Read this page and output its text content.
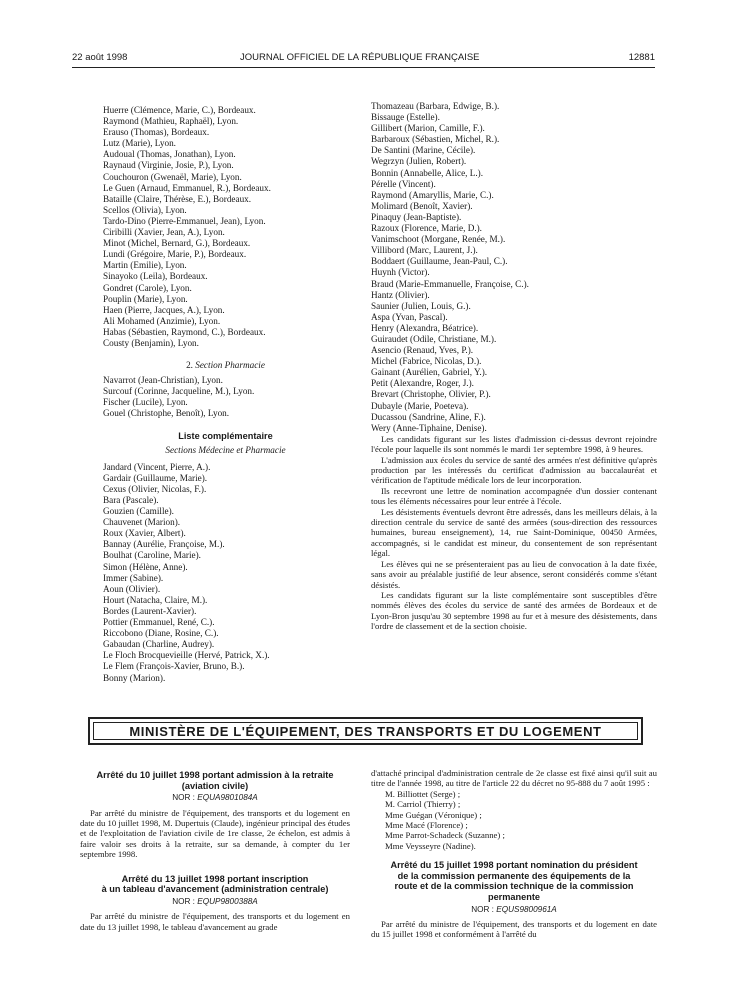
22 août 1998	JOURNAL OFFICIEL DE LA RÉPUBLIQUE FRANÇAISE	12881

Huerre (Clémence, Marie, C.), Bordeaux.

Raymond (Mathieu, Raphaël), Lyon.

Erauso (Thomas), Bordeaux.

Lutz (Marie), Lyon.

Audoual (Thomas, Jonathan), Lyon.

Raynaud (Virginie, Josie, P.), Lyon.

Couchouron (Gwenaël, Marie), Lyon.

Le Guen (Arnaud, Emmanuel, R.), Bordeaux.

Bataille (Claire, Thérèse, E.), Bordeaux.

Scellos (Olivia), Lyon.

Tardo-Dino (Pierre-Emmanuel, Jean), Lyon.

Ciribilli (Xavier, Jean, A.), Lyon.

Minot (Michel, Bernard, G.), Bordeaux.

Lundi (Grégoire, Marie, P.), Bordeaux.

Martin (Emilie), Lyon.

Sinayoko (Leila), Bordeaux.

Gondret (Carole), Lyon.

Pouplin (Marie), Lyon.

Haen (Pierre, Jacques, A.), Lyon.

Ali Mohamed (Anzimie), Lyon.

Habas (Sébastien, Raymond, C.), Bordeaux.

Cousty (Benjamin), Lyon.

2. Section Pharmacie

Navarrot (Jean-Christian), Lyon.

Surcouf (Corinne, Jacqueline, M.), Lyon.

Fischer (Lucile), Lyon.

Gouel (Christophe, Benoît), Lyon.

Liste complémentaire

Sections Médecine et Pharmacie

Jandard (Vincent, Pierre, A.).

Gardair (Guillaume, Marie).

Cexus (Olivier, Nicolas, F.).

Bara (Pascale).

Gouzien (Camille).

Chauvenet (Marion).

Roux (Xavier, Albert).

Bannay (Aurélie, Françoise, M.).

Boulhat (Caroline, Marie).

Simon (Hélène, Anne).

Immer (Sabine).

Aoun (Olivier).

Hourt (Natacha, Claire, M.).

Bordes (Laurent-Xavier).

Pottier (Emmanuel, René, C.).

Riccobono (Diane, Rosine, C.).

Gabaudan (Charline, Audrey).

Le Floch Brocquevieille (Hervé, Patrick, X.).

Le Flem (François-Xavier, Bruno, B.).

Bonny (Marion).

Thomazeau (Barbara, Edwige, B.).

Bissauge (Estelle).

Gillibert (Marion, Camille, F.).

Barbaroux (Sébastien, Michel, R.).

De Santini (Marine, Cécile).

Wegrzyn (Julien, Robert).

Bonnin (Annabelle, Alice, L.).

Pérelle (Vincent).

Raymond (Amaryllis, Marie, C.).

Molimard (Benoît, Xavier).

Pinaquy (Jean-Baptiste).

Razoux (Florence, Marie, D.).

Vanimschoot (Morgane, Renée, M.).

Villibord (Marc, Laurent, J.).

Boddaert (Guillaume, Jean-Paul, C.).

Huynh (Victor).

Braud (Marie-Emmanuelle, Françoise, C.).

Hantz (Olivier).

Saunier (Julien, Louis, G.).

Aspa (Yvan, Pascal).

Henry (Alexandra, Béatrice).

Guiraudet (Odile, Christiane, M.).

Asencio (Renaud, Yves, P.).

Michel (Fabrice, Nicolas, D.).

Gainant (Aurélien, Gabriel, Y.).

Petit (Alexandre, Roger, J.).

Brevart (Christophe, Olivier, P.).

Dubayle (Marie, Poeteva).

Ducassou (Sandrine, Aline, F.).

Wery (Anne-Tiphaine, Denise).

Les candidats figurant sur les listes d'admission ci-dessus devront rejoindre l'école pour laquelle ils sont nommés le mardi 1er septembre 1998, à 9 heures.

L'admission aux écoles du service de santé des armées n'est définitive qu'après production par les intéressés du certificat d'admission au baccalauréat et vérification de l'aptitude médicale lors de leur incorporation.

Ils recevront une lettre de nomination accompagnée d'un dossier contenant tous les éléments nécessaires pour leur entrée à l'école.

Les désistements éventuels devront être adressés, dans les meilleurs délais, à la direction centrale du service de santé des armées (sous-direction des ressources humaines, bureau enseignement), 14, rue Saint-Dominique, 00450 Armées, accompagnés, si le candidat est mineur, du consentement de son représentant légal.

Les élèves qui ne se présenteraient pas au lieu de convocation à la date fixée, sans avoir au préalable justifié de leur absence, seront considérés comme s'étant désistés.

Les candidats figurant sur la liste complémentaire sont susceptibles d'être nommés élèves des écoles du service de santé des armées de Bordeaux et de Lyon-Bron jusqu'au 30 septembre 1998 au fur et à mesure des désistements, dans l'ordre de classement et de la section choisie.

MINISTÈRE DE L'ÉQUIPEMENT, DES TRANSPORTS ET DU LOGEMENT

Arrêté du 10 juillet 1998 portant admission à la retraite

(aviation civile)

NOR : EQUA9801084A

Par arrêté du ministre de l'équipement, des transports et du logement en date du 10 juillet 1998, M. Dupertuis (Claude), ingénieur principal des études et de l'exploitation de l'aviation civile de 1re classe, 2e échelon, est admis à faire valoir ses droits à la retraite, sur sa demande, à compter du 1er septembre 1998.

Arrêté du 13 juillet 1998 portant inscription

à un tableau d'avancement (administration centrale)

NOR : EQUP9800388A

Par arrêté du ministre de l'équipement, des transports et du logement en date du 13 juillet 1998, le tableau d'avancement au grade

d'attaché principal d'administration centrale de 2e classe est fixé ainsi qu'il suit au titre de l'année 1998, au titre de l'article 22 du décret no 95-888 du 7 août 1995 :

M. Billiottet (Serge) ;

M. Carriol (Thierry) ;

Mme Guégan (Véronique) ;

Mme Macé (Florence) ;

Mme Parrot-Schadeck (Suzanne) ;

Mme Veysseyre (Nadine).

Arrêté du 15 juillet 1998 portant nomination du président

de la commission permanente des équipements de la

route et de la commission technique de la commission

permanente

NOR : EQUS9800961A

Par arrêté du ministre de l'équipement, des transports et du logement en date du 15 juillet 1998 et conformément à l'arrêté du
